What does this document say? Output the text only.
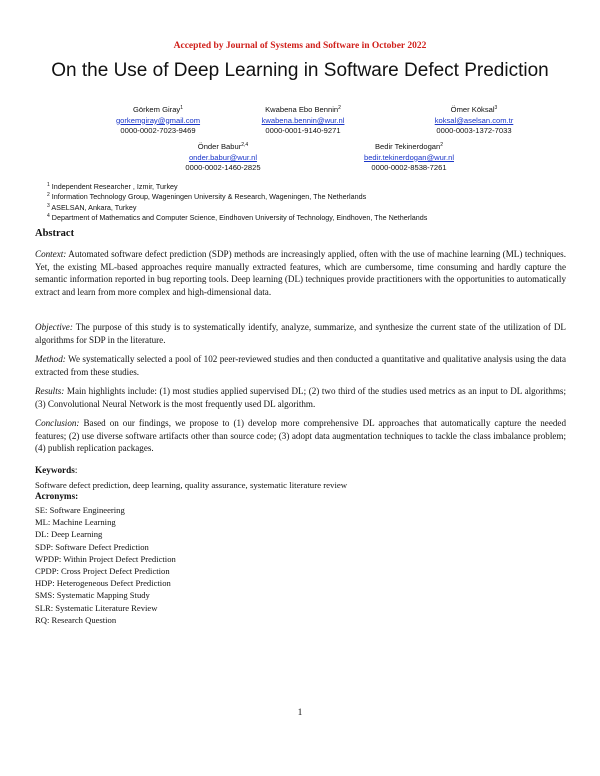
Accepted by Journal of Systems and Software in October 2022
On the Use of Deep Learning in Software Defect Prediction
Görkem Giray$^1$
gorkemgiray@gmail.com
0000-0002-7023-9469
Kwabena Ebo Bennin$^2$
kwabena.bennin@wur.nl
0000-0001-9140-9271
Ömer Köksal$^3$
koksal@aselsan.com.tr
0000-0003-1372-7033
Önder Babur$^{2,4}$
onder.babur@wur.nl
0000-0002-1460-2825
Bedir Tekinerdogan$^2$
bedir.tekinerdogan@wur.nl
0000-0002-8538-7261
$^1$ Independent Researcher , Izmir, Turkey
$^2$ Information Technology Group, Wageningen University & Research, Wageningen, The Netherlands
$^3$ ASELSAN, Ankara, Turkey
$^4$ Department of Mathematics and Computer Science, Eindhoven University of Technology, Eindhoven, The Netherlands
Abstract
Context: Automated software defect prediction (SDP) methods are increasingly applied, often with the use of machine learning (ML) techniques. Yet, the existing ML-based approaches require manually extracted features, which are cumbersome, time consuming and hardly capture the semantic information reported in bug reporting tools. Deep learning (DL) techniques provide practitioners with the opportunities to automatically extract and learn from more complex and high-dimensional data.
Objective: The purpose of this study is to systematically identify, analyze, summarize, and synthesize the current state of the utilization of DL algorithms for SDP in the literature.
Method: We systematically selected a pool of 102 peer-reviewed studies and then conducted a quantitative and qualitative analysis using the data extracted from these studies.
Results: Main highlights include: (1) most studies applied supervised DL; (2) two third of the studies used metrics as an input to DL algorithms; (3) Convolutional Neural Network is the most frequently used DL algorithm.
Conclusion: Based on our findings, we propose to (1) develop more comprehensive DL approaches that automatically capture the needed features; (2) use diverse software artifacts other than source code; (3) adopt data augmentation techniques to tackle the class imbalance problem; (4) publish replication packages.
Keywords:
Software defect prediction, deep learning, quality assurance, systematic literature review
Acronyms:
SE: Software Engineering
ML: Machine Learning
DL: Deep Learning
SDP: Software Defect Prediction
WPDP: Within Project Defect Prediction
CPDP: Cross Project Defect Prediction
HDP: Heterogeneous Defect Prediction
SMS: Systematic Mapping Study
SLR: Systematic Literature Review
RQ: Research Question
1
